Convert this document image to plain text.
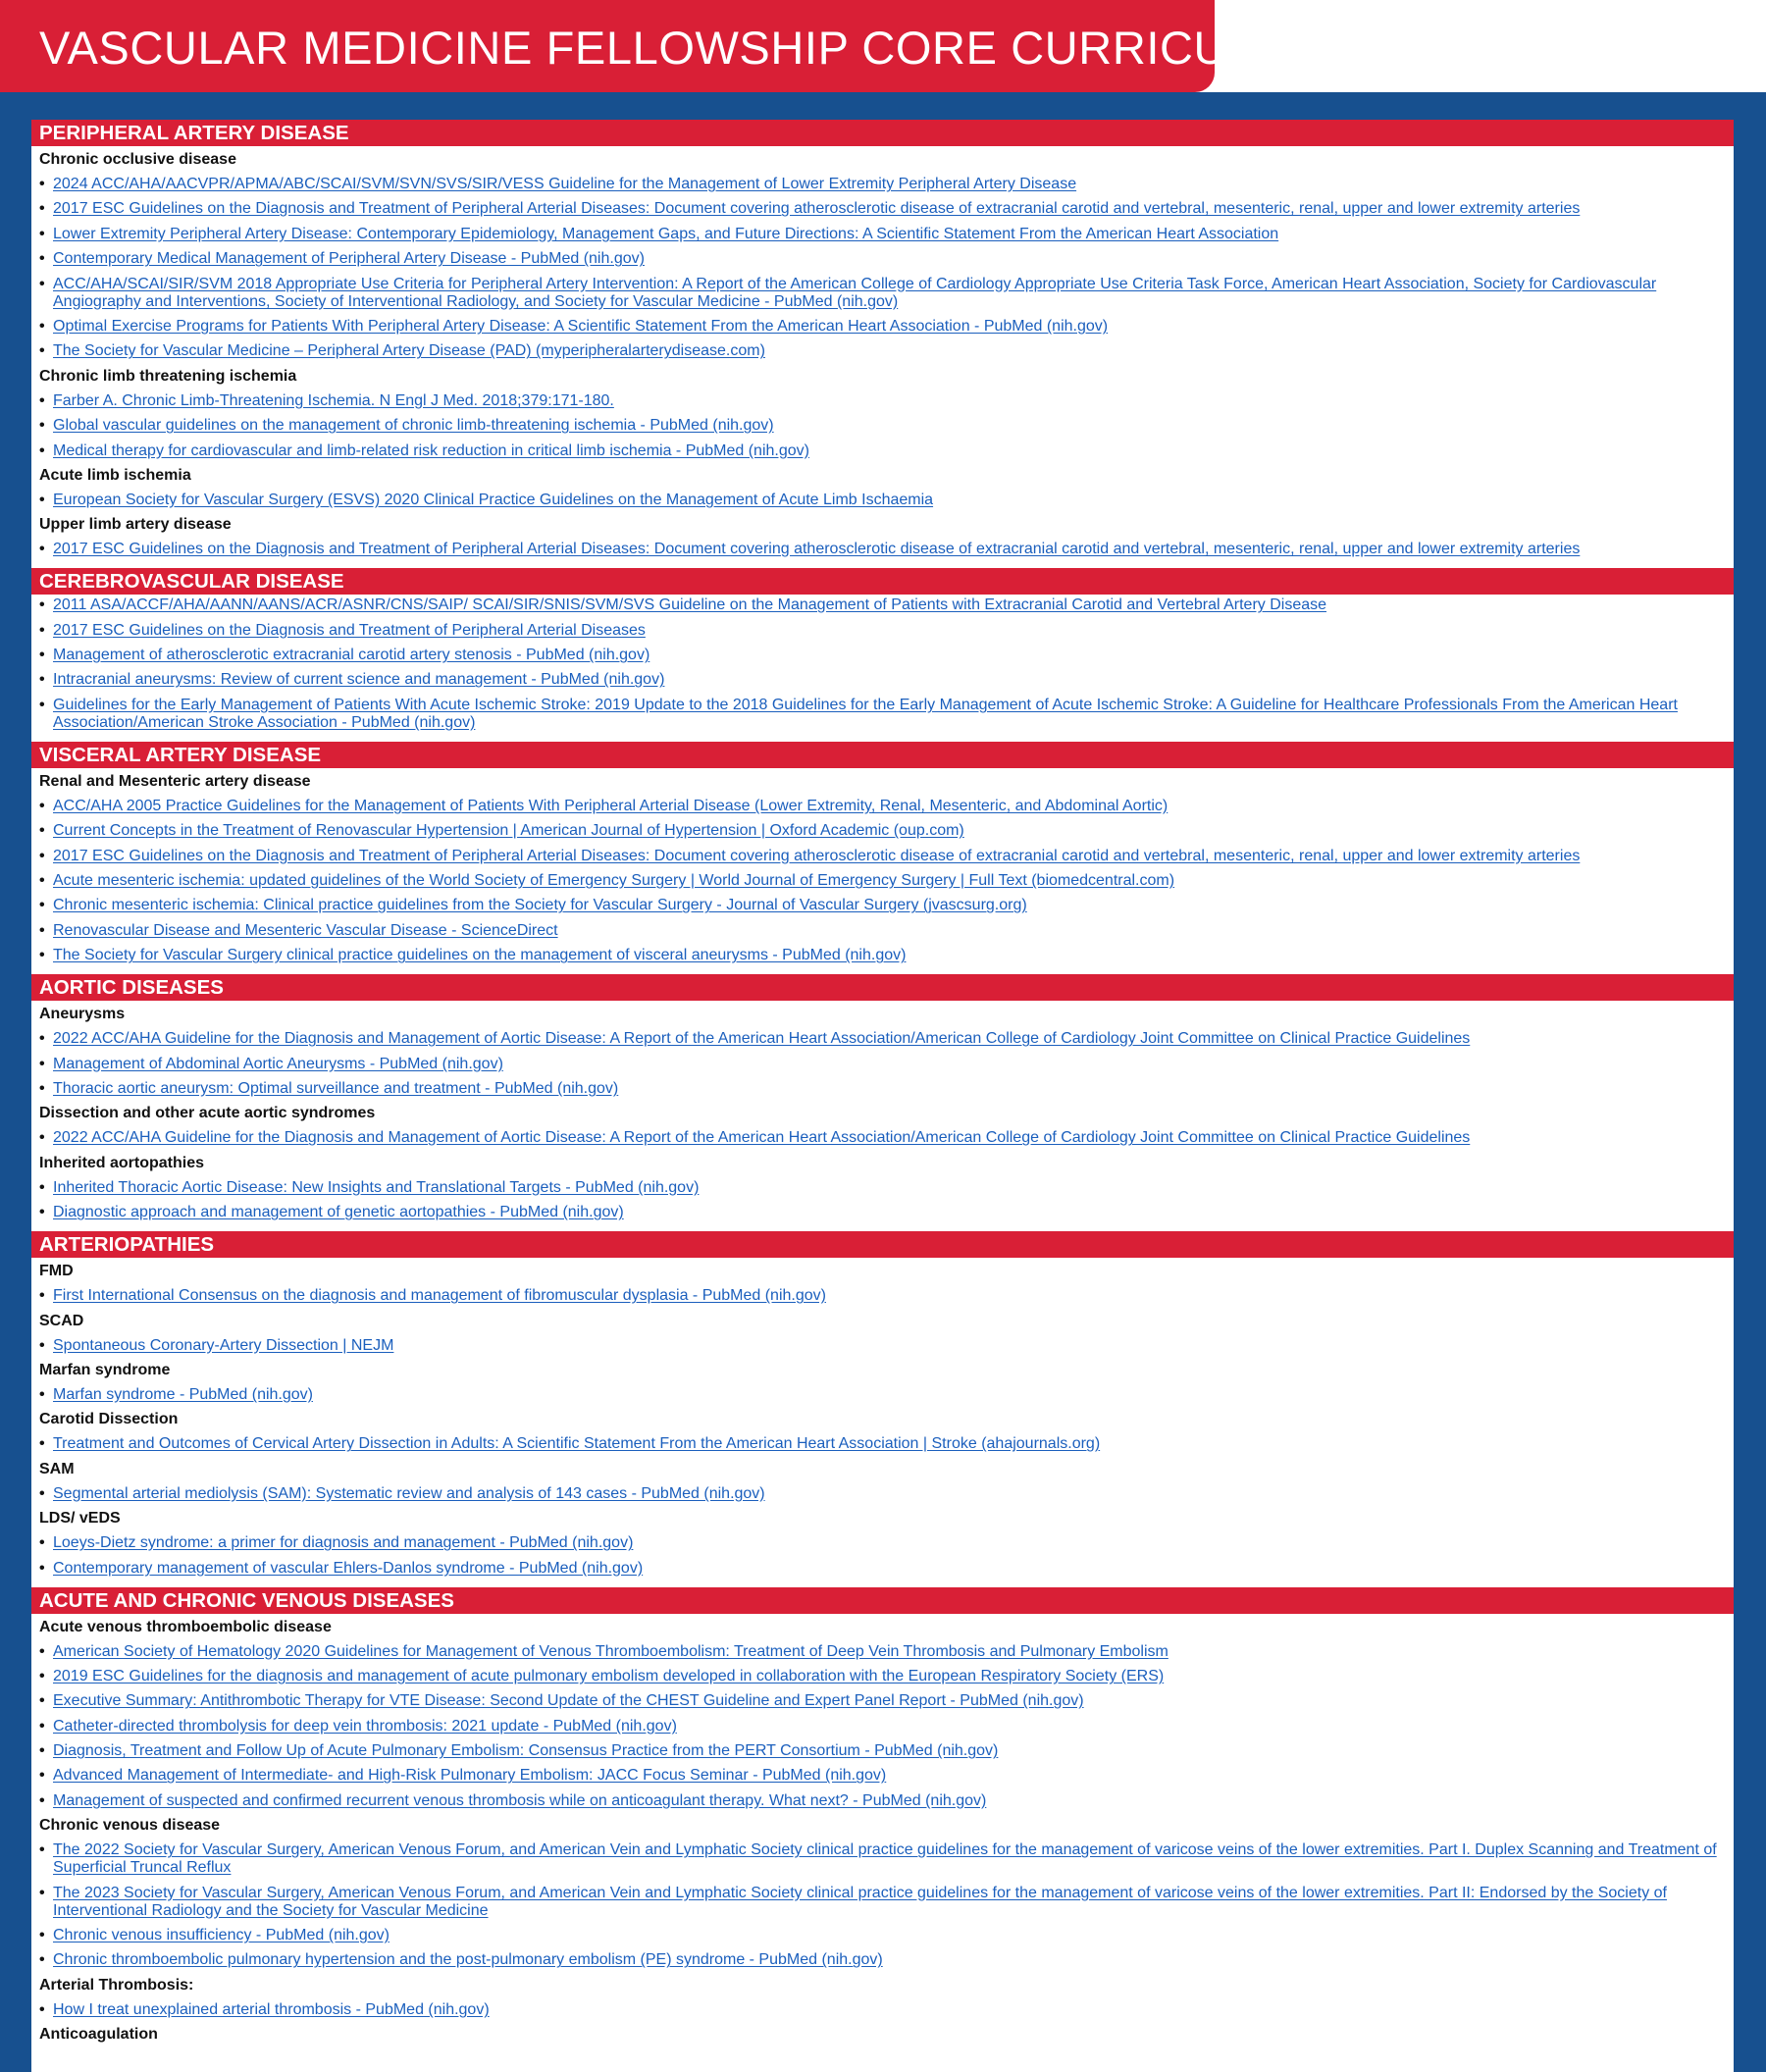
VASCULAR MEDICINE FELLOWSHIP CORE CURRICULUM
PERIPHERAL ARTERY DISEASE
Chronic occlusive disease
• 2024 ACC/AHA/AACVPR/APMA/ABC/SCAI/SVM/SVN/SVS/SIR/VESS Guideline for the Management of Lower Extremity Peripheral Artery Disease
• 2017 ESC Guidelines on the Diagnosis and Treatment of Peripheral Arterial Diseases: Document covering atherosclerotic disease of extracranial carotid and vertebral, mesenteric, renal, upper and lower extremity arteries
• Lower Extremity Peripheral Artery Disease: Contemporary Epidemiology, Management Gaps, and Future Directions: A Scientific Statement From the American Heart Association
• Contemporary Medical Management of Peripheral Artery Disease - PubMed (nih.gov)
• ACC/AHA/SCAI/SIR/SVM 2018 Appropriate Use Criteria for Peripheral Artery Intervention: A Report of the American College of Cardiology Appropriate Use Criteria Task Force, American Heart Association, Society for Cardiovascular Angiography and Interventions, Society of Interventional Radiology, and Society for Vascular Medicine - PubMed (nih.gov)
• Optimal Exercise Programs for Patients With Peripheral Artery Disease: A Scientific Statement From the American Heart Association - PubMed (nih.gov)
• The Society for Vascular Medicine – Peripheral Artery Disease (PAD) (myperipheralarterydisease.com)
Chronic limb threatening ischemia
• Farber A. Chronic Limb-Threatening Ischemia. N Engl J Med. 2018;379:171-180.
• Global vascular guidelines on the management of chronic limb-threatening ischemia - PubMed (nih.gov)
• Medical therapy for cardiovascular and limb-related risk reduction in critical limb ischemia - PubMed (nih.gov)
Acute limb ischemia
• European Society for Vascular Surgery (ESVS) 2020 Clinical Practice Guidelines on the Management of Acute Limb Ischaemia
Upper limb artery disease
• 2017 ESC Guidelines on the Diagnosis and Treatment of Peripheral Arterial Diseases: Document covering atherosclerotic disease of extracranial carotid and vertebral, mesenteric, renal, upper and lower extremity arteries
CEREBROVASCULAR DISEASE
• 2011 ASA/ACCF/AHA/AANN/AANS/ACR/ASNR/CNS/SAIP/ SCAI/SIR/SNIS/SVM/SVS Guideline on the Management of Patients with Extracranial Carotid and Vertebral Artery Disease
• 2017 ESC Guidelines on the Diagnosis and Treatment of Peripheral Arterial Diseases
• Management of atherosclerotic extracranial carotid artery stenosis - PubMed (nih.gov)
• Intracranial aneurysms: Review of current science and management - PubMed (nih.gov)
• Guidelines for the Early Management of Patients With Acute Ischemic Stroke: 2019 Update to the 2018 Guidelines for the Early Management of Acute Ischemic Stroke: A Guideline for Healthcare Professionals From the American Heart Association/American Stroke Association - PubMed (nih.gov)
VISCERAL ARTERY DISEASE
Renal and Mesenteric artery disease
• ACC/AHA 2005 Practice Guidelines for the Management of Patients With Peripheral Arterial Disease (Lower Extremity, Renal, Mesenteric, and Abdominal Aortic)
• Current Concepts in the Treatment of Renovascular Hypertension | American Journal of Hypertension | Oxford Academic (oup.com)
• 2017 ESC Guidelines on the Diagnosis and Treatment of Peripheral Arterial Diseases: Document covering atherosclerotic disease of extracranial carotid and vertebral, mesenteric, renal, upper and lower extremity arteries
• Acute mesenteric ischemia: updated guidelines of the World Society of Emergency Surgery | World Journal of Emergency Surgery | Full Text (biomedcentral.com)
• Chronic mesenteric ischemia: Clinical practice guidelines from the Society for Vascular Surgery - Journal of Vascular Surgery (jvascsurg.org)
• Renovascular Disease and Mesenteric Vascular Disease - ScienceDirect
• The Society for Vascular Surgery clinical practice guidelines on the management of visceral aneurysms - PubMed (nih.gov)
AORTIC DISEASES
Aneurysms
• 2022 ACC/AHA Guideline for the Diagnosis and Management of Aortic Disease: A Report of the American Heart Association/American College of Cardiology Joint Committee on Clinical Practice Guidelines
• Management of Abdominal Aortic Aneurysms - PubMed (nih.gov)
• Thoracic aortic aneurysm: Optimal surveillance and treatment - PubMed (nih.gov)
Dissection and other acute aortic syndromes
• 2022 ACC/AHA Guideline for the Diagnosis and Management of Aortic Disease: A Report of the American Heart Association/American College of Cardiology Joint Committee on Clinical Practice Guidelines
Inherited aortopathies
• Inherited Thoracic Aortic Disease: New Insights and Translational Targets - PubMed (nih.gov)
• Diagnostic approach and management of genetic aortopathies - PubMed (nih.gov)
ARTERIOPATHIES
FMD
• First International Consensus on the diagnosis and management of fibromuscular dysplasia - PubMed (nih.gov)
SCAD
• Spontaneous Coronary-Artery Dissection | NEJM
Marfan syndrome
• Marfan syndrome - PubMed (nih.gov)
Carotid Dissection
• Treatment and Outcomes of Cervical Artery Dissection in Adults: A Scientific Statement From the American Heart Association | Stroke (ahajournals.org)
SAM
• Segmental arterial mediolysis (SAM): Systematic review and analysis of 143 cases - PubMed (nih.gov)
LDS/ vEDS
• Loeys-Dietz syndrome: a primer for diagnosis and management - PubMed (nih.gov)
• Contemporary management of vascular Ehlers-Danlos syndrome - PubMed (nih.gov)
ACUTE AND CHRONIC VENOUS DISEASES
Acute venous thromboembolic disease
• American Society of Hematology 2020 Guidelines for Management of Venous Thromboembolism: Treatment of Deep Vein Thrombosis and Pulmonary Embolism
• 2019 ESC Guidelines for the diagnosis and management of acute pulmonary embolism developed in collaboration with the European Respiratory Society (ERS)
• Executive Summary: Antithrombotic Therapy for VTE Disease: Second Update of the CHEST Guideline and Expert Panel Report - PubMed (nih.gov)
• Catheter-directed thrombolysis for deep vein thrombosis: 2021 update - PubMed (nih.gov)
• Diagnosis, Treatment and Follow Up of Acute Pulmonary Embolism: Consensus Practice from the PERT Consortium - PubMed (nih.gov)
• Advanced Management of Intermediate- and High-Risk Pulmonary Embolism: JACC Focus Seminar - PubMed (nih.gov)
• Management of suspected and confirmed recurrent venous thrombosis while on anticoagulant therapy. What next? - PubMed (nih.gov)
Chronic venous disease
• The 2022 Society for Vascular Surgery, American Venous Forum, and American Vein and Lymphatic Society clinical practice guidelines for the management of varicose veins of the lower extremities. Part I. Duplex Scanning and Treatment of Superficial Truncal Reflux
• The 2023 Society for Vascular Surgery, American Venous Forum, and American Vein and Lymphatic Society clinical practice guidelines for the management of varicose veins of the lower extremities. Part II: Endorsed by the Society of Interventional Radiology and the Society for Vascular Medicine
• Chronic venous insufficiency - PubMed (nih.gov)
• Chronic thromboembolic pulmonary hypertension and the post-pulmonary embolism (PE) syndrome - PubMed (nih.gov)
Arterial Thrombosis:
• How I treat unexplained arterial thrombosis - PubMed (nih.gov)
Anticoagulation
